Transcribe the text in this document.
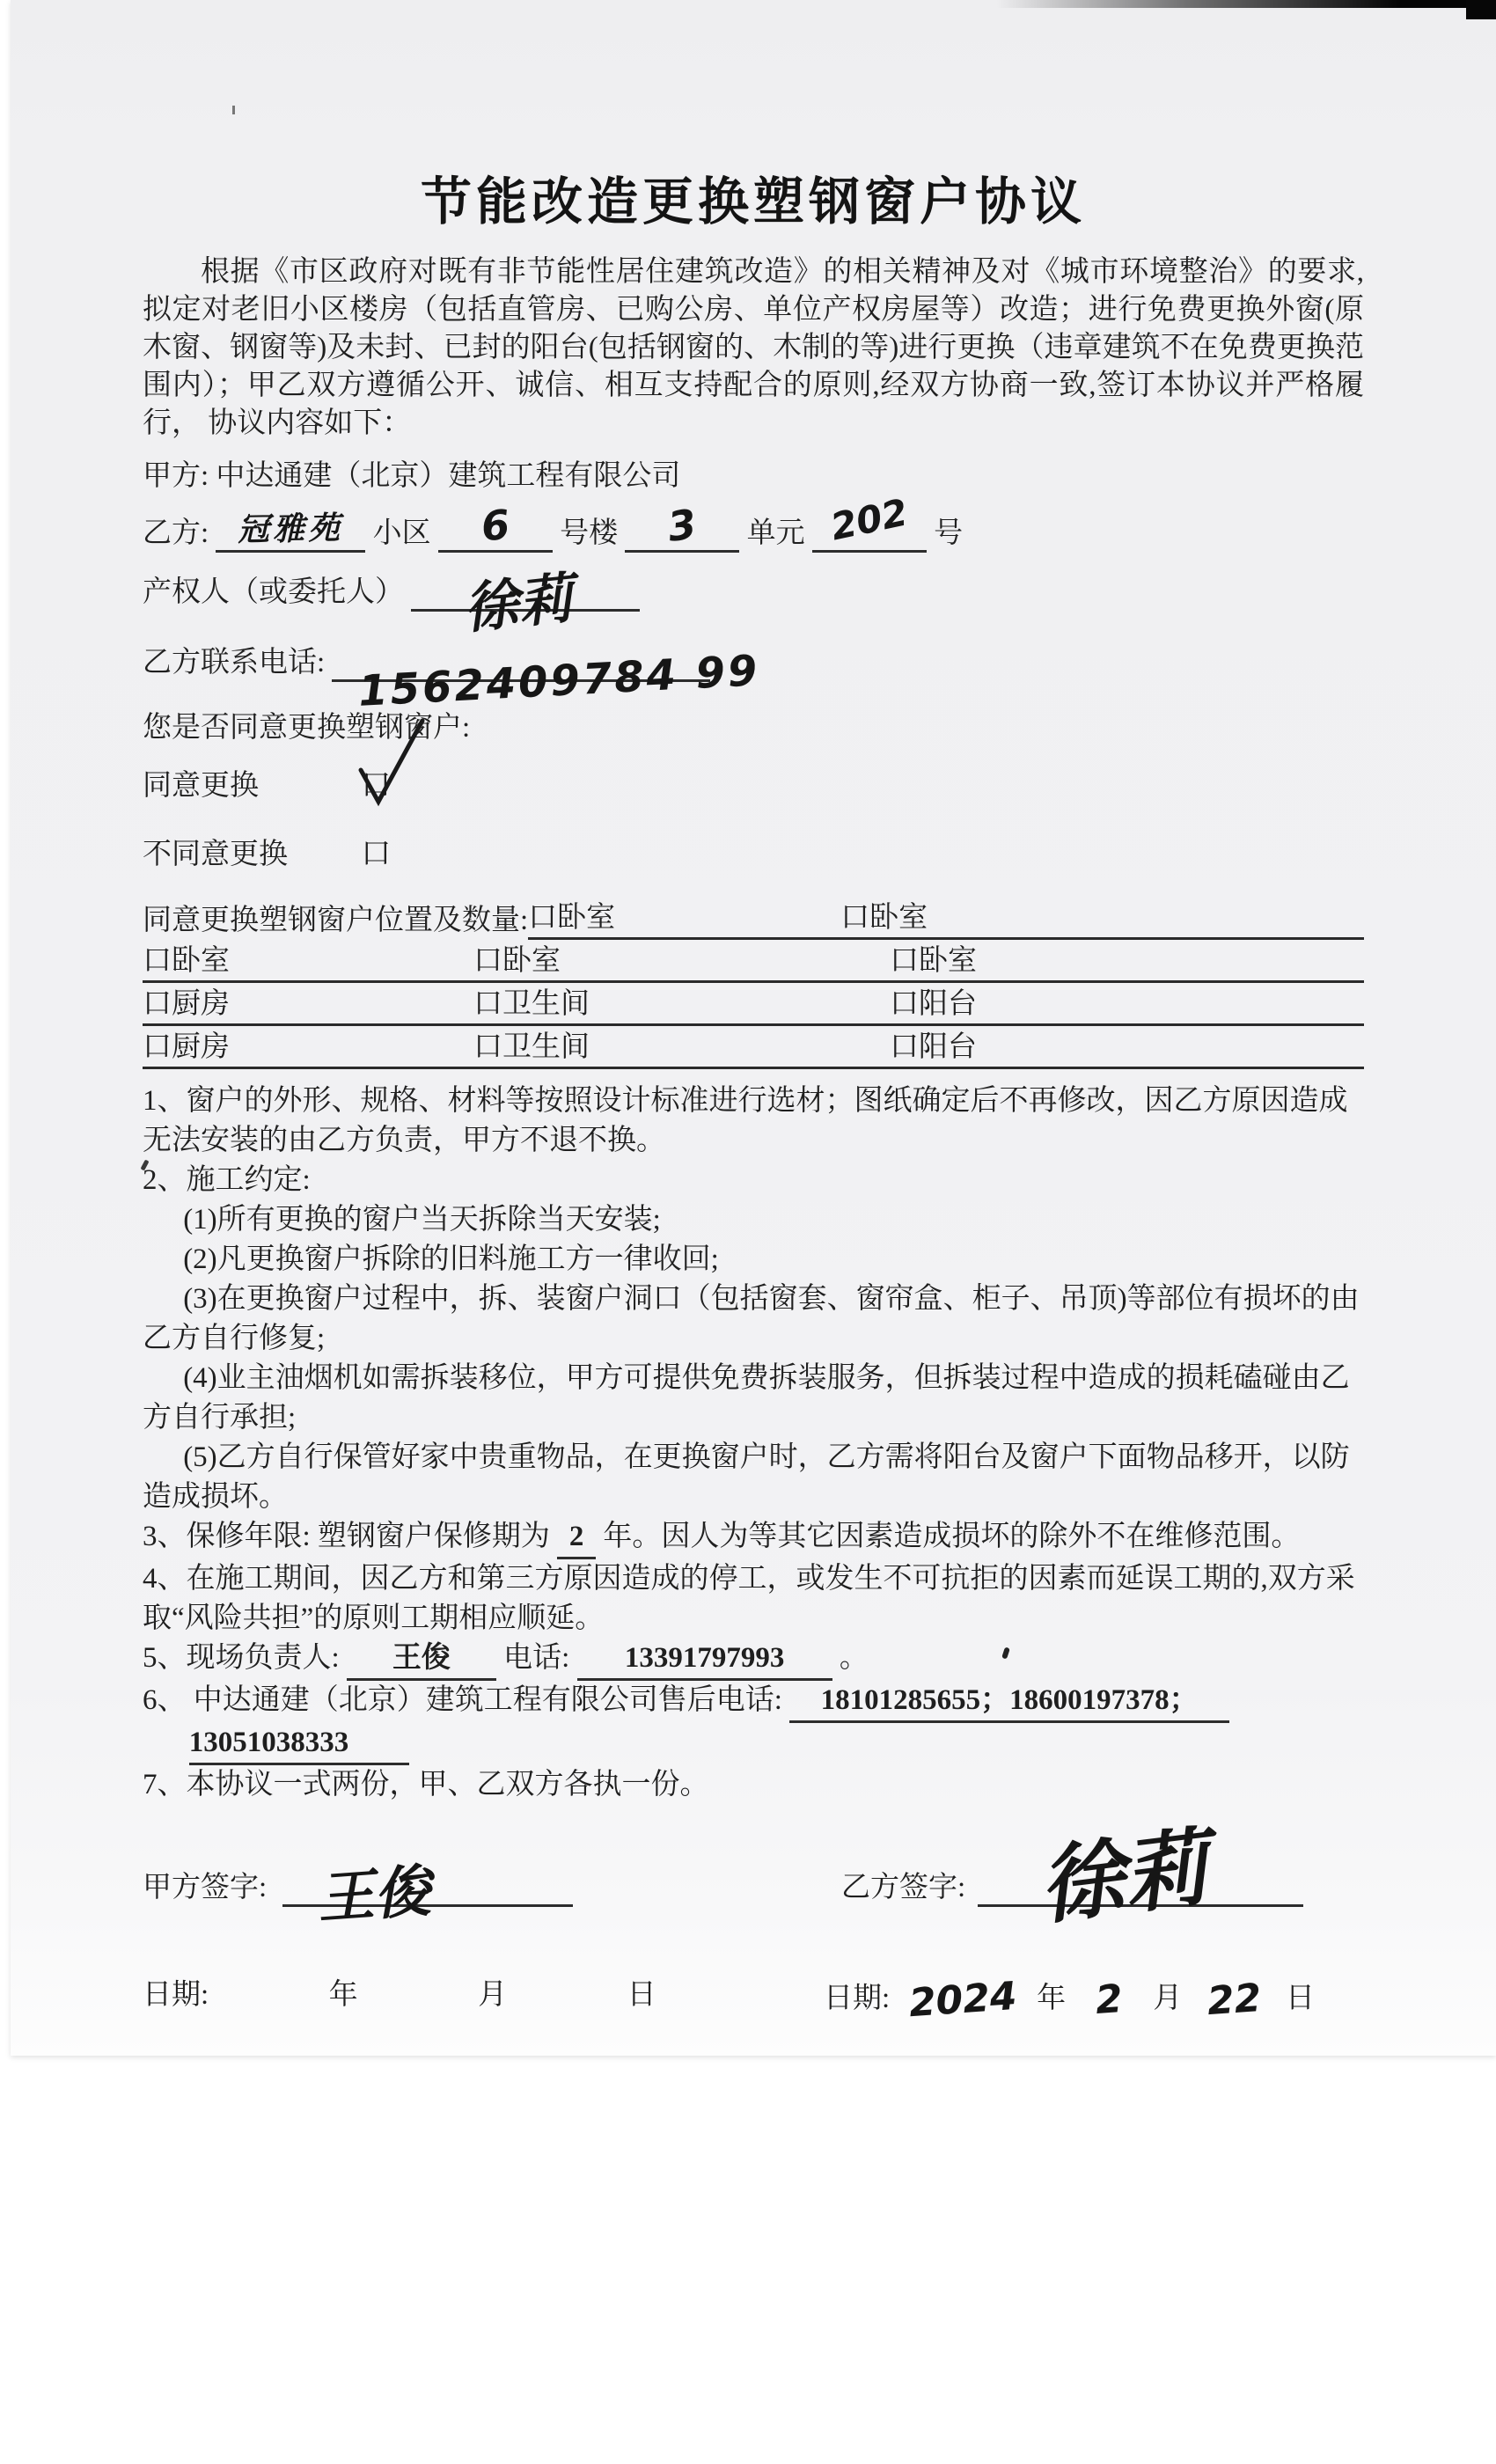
节能改造更换塑钢窗户协议

根据《市区政府对既有非节能性居住建筑改造》的相关精神及对《城市环境整治》的要求,拟定对老旧小区楼房（包括直管房、已购公房、单位产权房屋等）改造；进行免费更换外窗(原木窗、钢窗等)及未封、已封的阳台(包括钢窗的、木制的等)进行更换（违章建筑不在免费更换范围内）；甲乙双方遵循公开、诚信、相互支持配合的原则,经双方协商一致,签订本协议并严格履行， 协议内容如下：

甲方: 中达通建（北京）建筑工程有限公司
乙方: 冠雅苑 小区 6 号楼 3 单元 202 号
产权人（或委托人） 徐莉
乙方联系电话: 1562409784 99
您是否同意更换塑钢窗户:
同意更换	口
不同意更换 口
同意更换塑钢窗户位置及数量: 口卧室	口卧室
口卧室	口卧室	口卧室
口厨房	口卫生间	口阳台
口厨房	口卫生间	口阳台
1、窗户的外形、规格、材料等按照设计标准进行选材；图纸确定后不再修改，因乙方原因造成无法安装的由乙方负责，甲方不退不换。
2、施工约定:
(1)所有更换的窗户当天拆除当天安装;
(2)凡更换窗户拆除的旧料施工方一律收回;
(3)在更换窗户过程中，拆、装窗户洞口（包括窗套、窗帘盒、柜子、吊顶)等部位有损坏的由乙方自行修复;
(4)业主油烟机如需拆装移位，甲方可提供免费拆装服务，但拆装过程中造成的损耗磕碰由乙方自行承担;
(5)乙方自行保管好家中贵重物品，在更换窗户时，乙方需将阳台及窗户下面物品移开，以防造成损坏。
3、保修年限: 塑钢窗户保修期为 2 年。因人为等其它因素造成损坏的除外不在维修范围。
4、在施工期间，因乙方和第三方原因造成的停工，或发生不可抗拒的因素而延误工期的,双方采取“风险共担”的原则工期相应顺延。
5、现场负责人: 王俊 电话: 13391797993 。
6、 中达通建（北京）建筑工程有限公司售后电话: 18101285655；18600197378；
13051038333
7、本协议一式两份，甲、乙双方各执一份。
甲方签字: 王俊	乙方签字: 徐莉
日期:	年	月	日	日期: 2024 年 2 月 22 日
